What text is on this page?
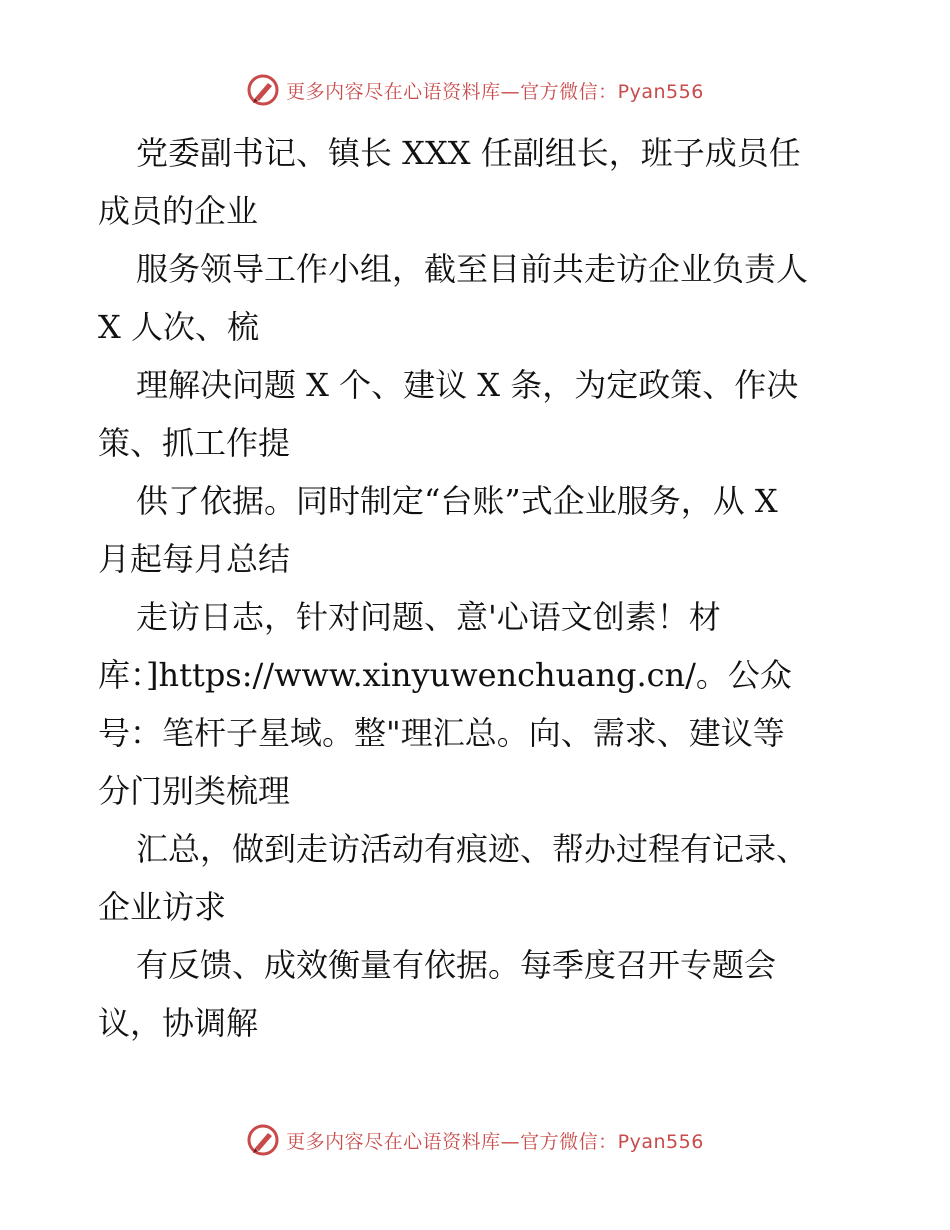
更多内容尽在心语资料库—官方微信：Pyan556
党委副书记、镇长 XXX 任副组长，班子成员任
成员的企业
服务领导工作小组，截至目前共走访企业负责人
X 人次、梳
理解决问题 X 个、建议 X 条，为定政策、作决
策、抓工作提
供了依据。同时制定“台账”式企业服务，从 X
月起每月总结
走访日志，针对问题、意'心语文创素！材
库：]https://www.xinyuwenchuang.cn/。公众
号：笔杆子星域。整"理汇总。向、需求、建议等
分门别类梳理
汇总，做到走访活动有痕迹、帮办过程有记录、
企业访求
有反馈、成效衡量有依据。每季度召开专题会
议，协调解
更多内容尽在心语资料库—官方微信：Pyan556
